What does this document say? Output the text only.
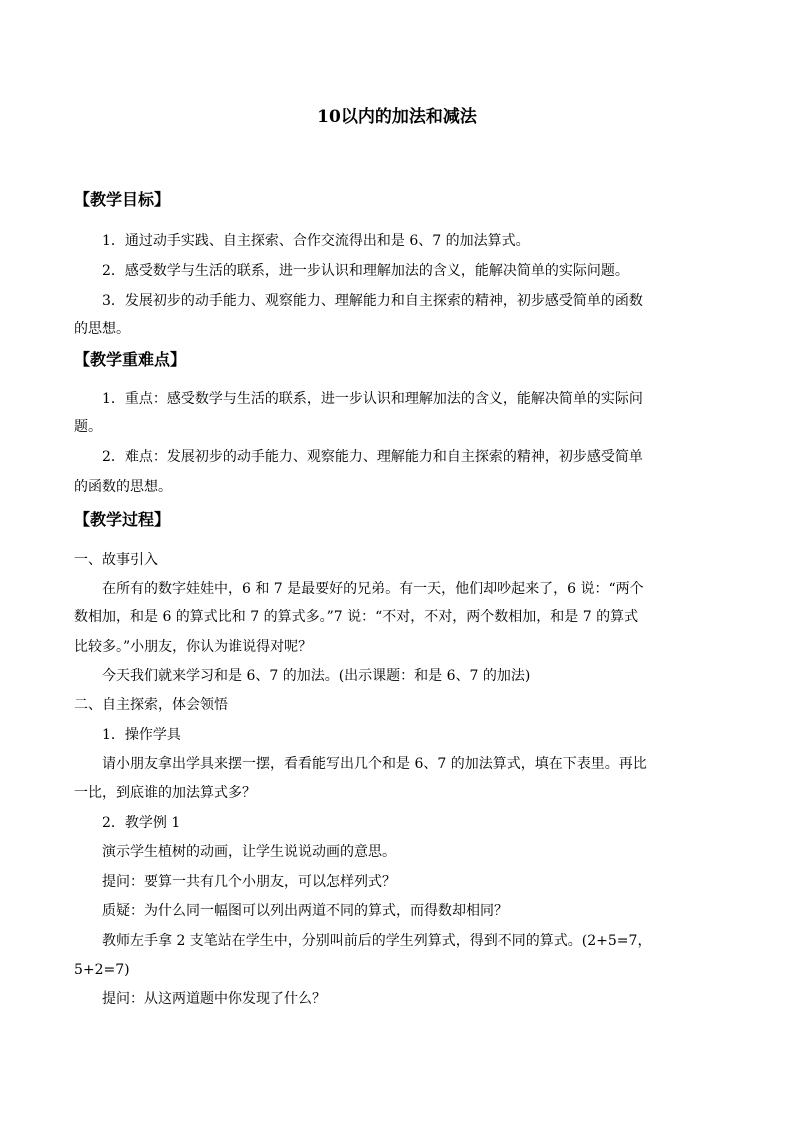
10以内的加法和减法
【教学目标】
1．通过动手实践、自主探索、合作交流得出和是 6、7 的加法算式。
2．感受数学与生活的联系，进一步认识和理解加法的含义，能解决简单的实际问题。
3．发展初步的动手能力、观察能力、理解能力和自主探索的精神，初步感受简单的函数
的思想。
【教学重难点】
1．重点：感受数学与生活的联系，进一步认识和理解加法的含义，能解决简单的实际问
题。
2．难点：发展初步的动手能力、观察能力、理解能力和自主探索的精神，初步感受简单
的函数的思想。
【教学过程】
一、故事引入
在所有的数字娃娃中，6 和 7 是最要好的兄弟。有一天，他们却吵起来了，6 说：“两个
数相加，和是 6 的算式比和 7 的算式多。”7 说：“不对，不对，两个数相加，和是 7 的算式
比较多。”小朋友，你认为谁说得对呢？
今天我们就来学习和是 6、7 的加法。(出示课题：和是 6、7 的加法)
二、自主探索，体会领悟
1．操作学具
请小朋友拿出学具来摆一摆，看看能写出几个和是 6、7 的加法算式，填在下表里。再比
一比，到底谁的加法算式多？
2．教学例 1
演示学生植树的动画，让学生说说动画的意思。
提问：要算一共有几个小朋友，可以怎样列式？
质疑：为什么同一幅图可以列出两道不同的算式，而得数却相同？
教师左手拿 2 支笔站在学生中，分别叫前后的学生列算式，得到不同的算式。(2+5=7，
5+2=7)
提问：从这两道题中你发现了什么？
